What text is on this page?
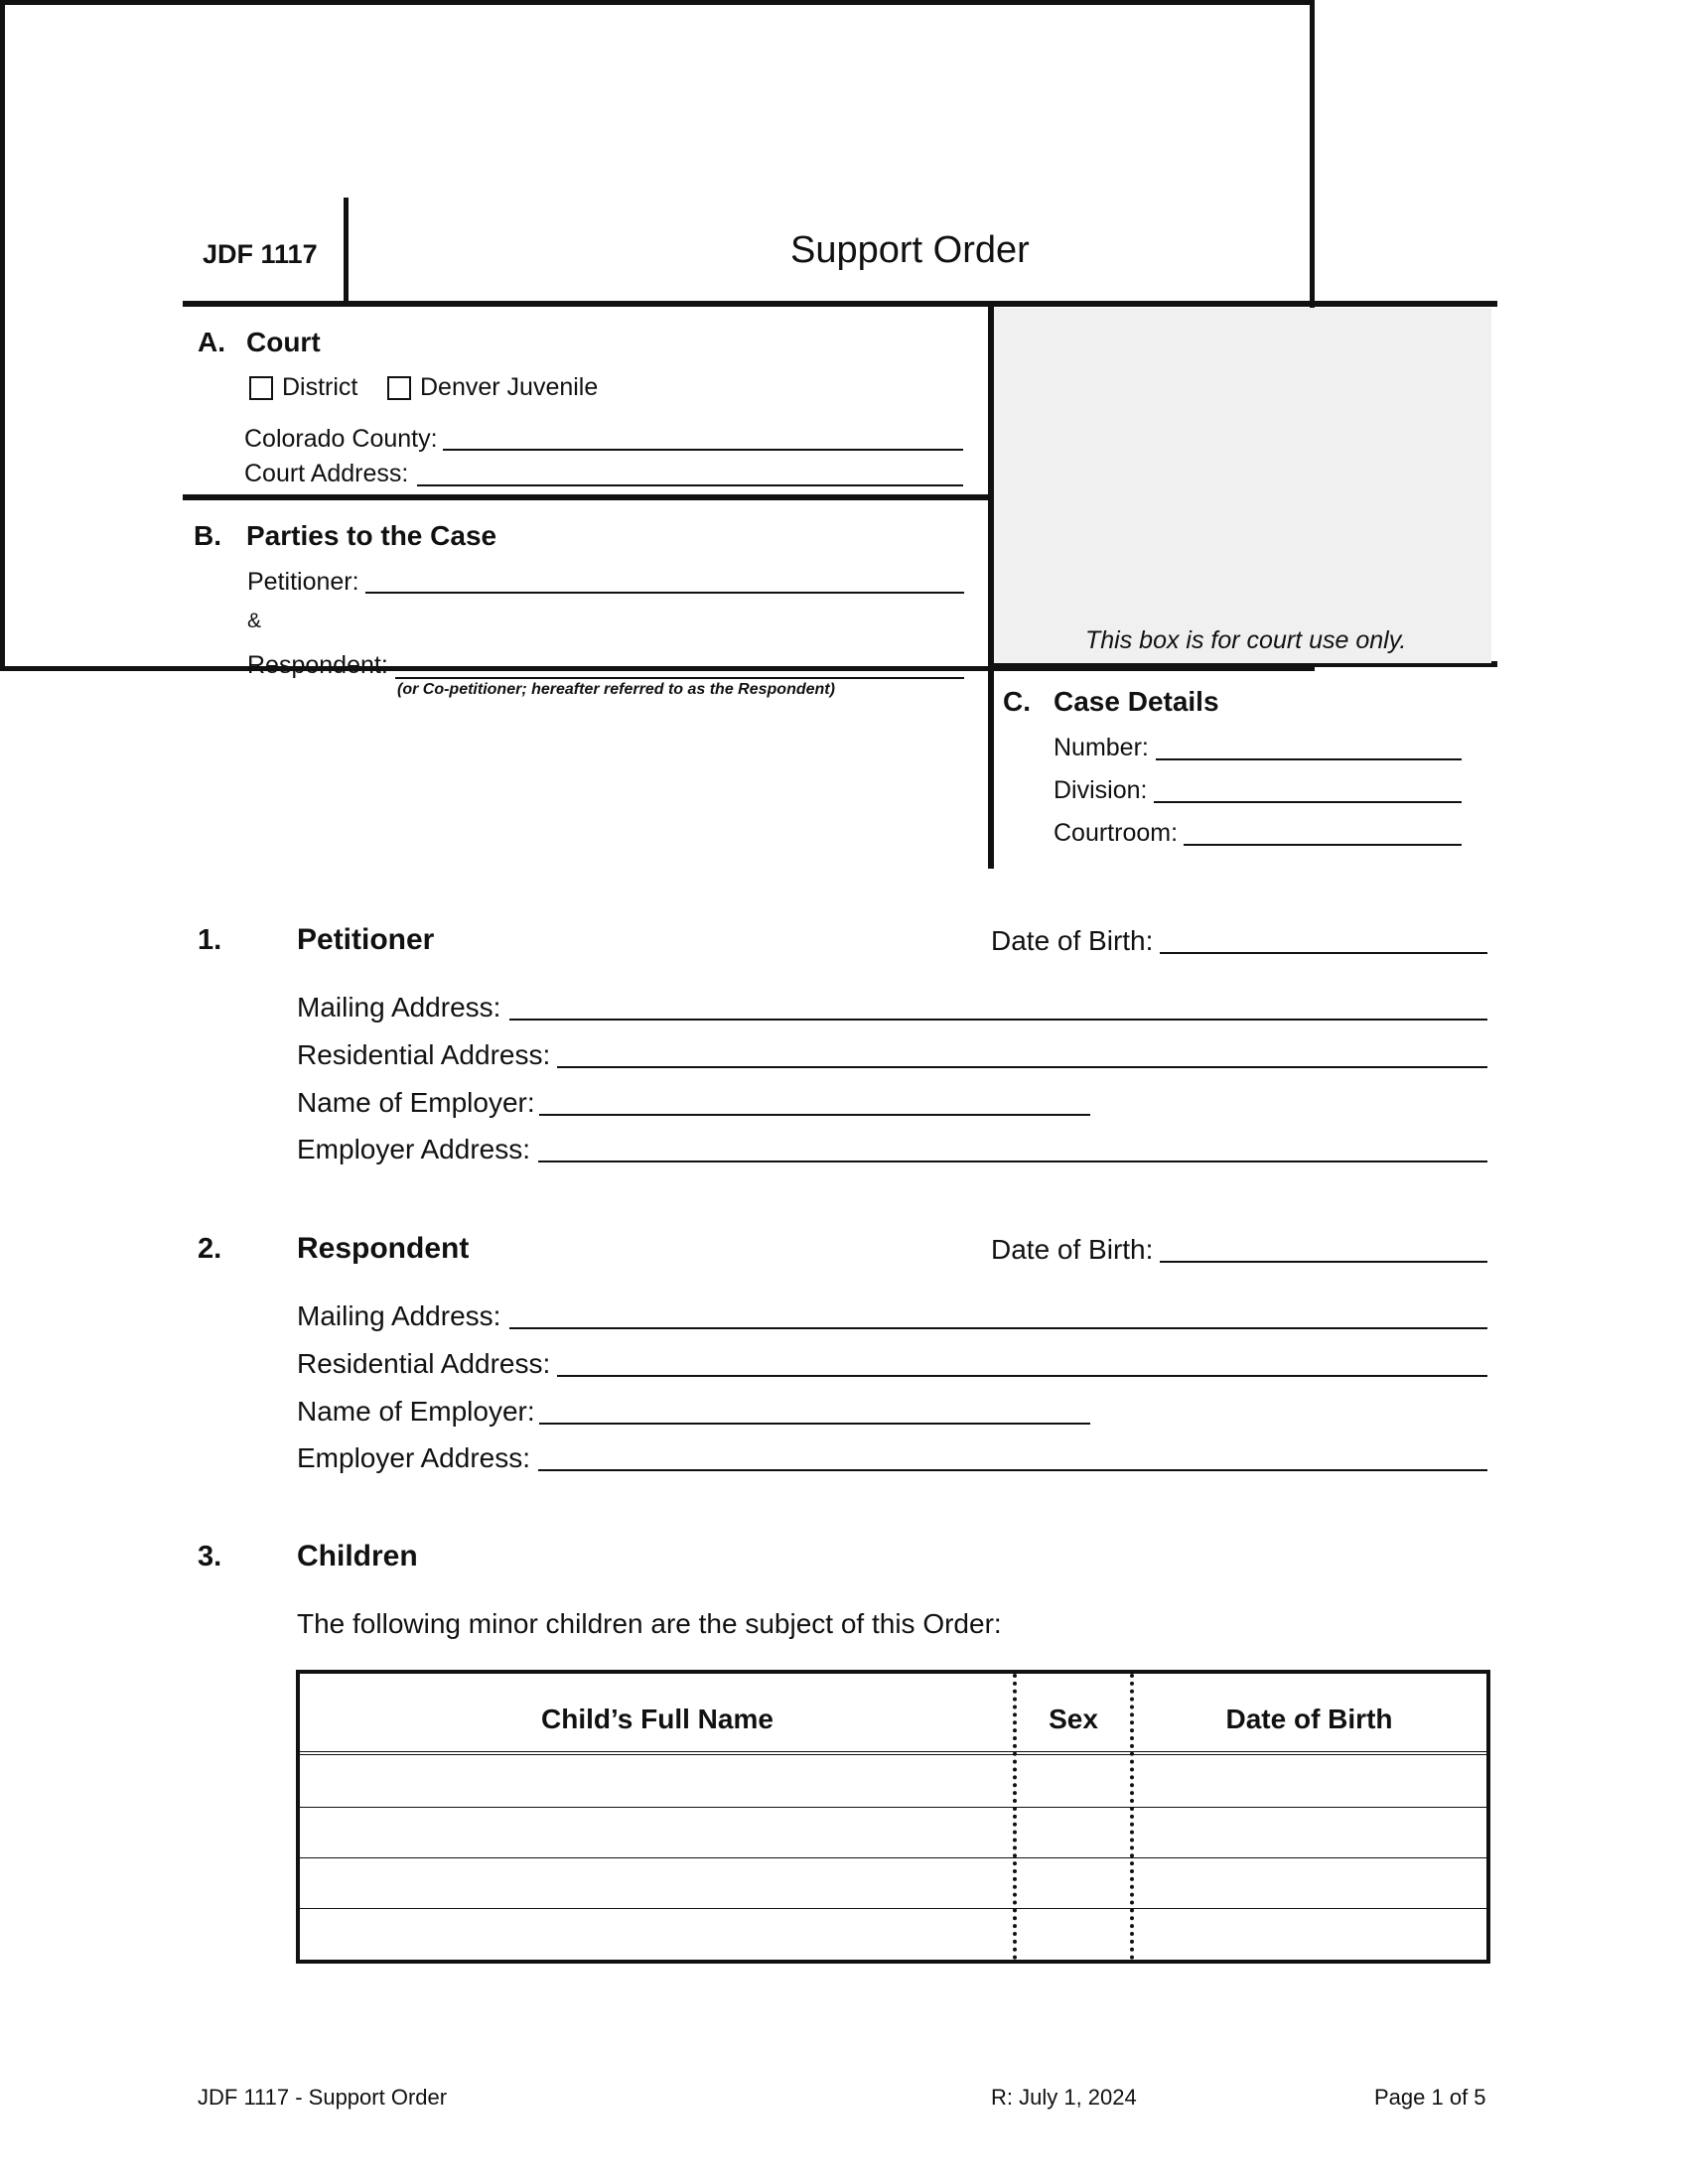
JDF 1117	Support Order
A. Court
District	Denver Juvenile
Colorado County:
Court Address:
B. Parties to the Case
Petitioner:
&
Respondent:
(or Co-petitioner; hereafter referred to as the Respondent)
This box is for court use only.
C. Case Details
Number:
Division:
Courtroom:
1.	Petitioner	Date of Birth:
Mailing Address:
Residential Address:
Name of Employer:
Employer Address:
2.	Respondent	Date of Birth:
Mailing Address:
Residential Address:
Name of Employer:
Employer Address:
3.	Children
The following minor children are the subject of this Order:
Child’s Full Name	Sex	Date of Birth
JDF 1117 - Support Order	R: July 1, 2024	Page 1 of 5
